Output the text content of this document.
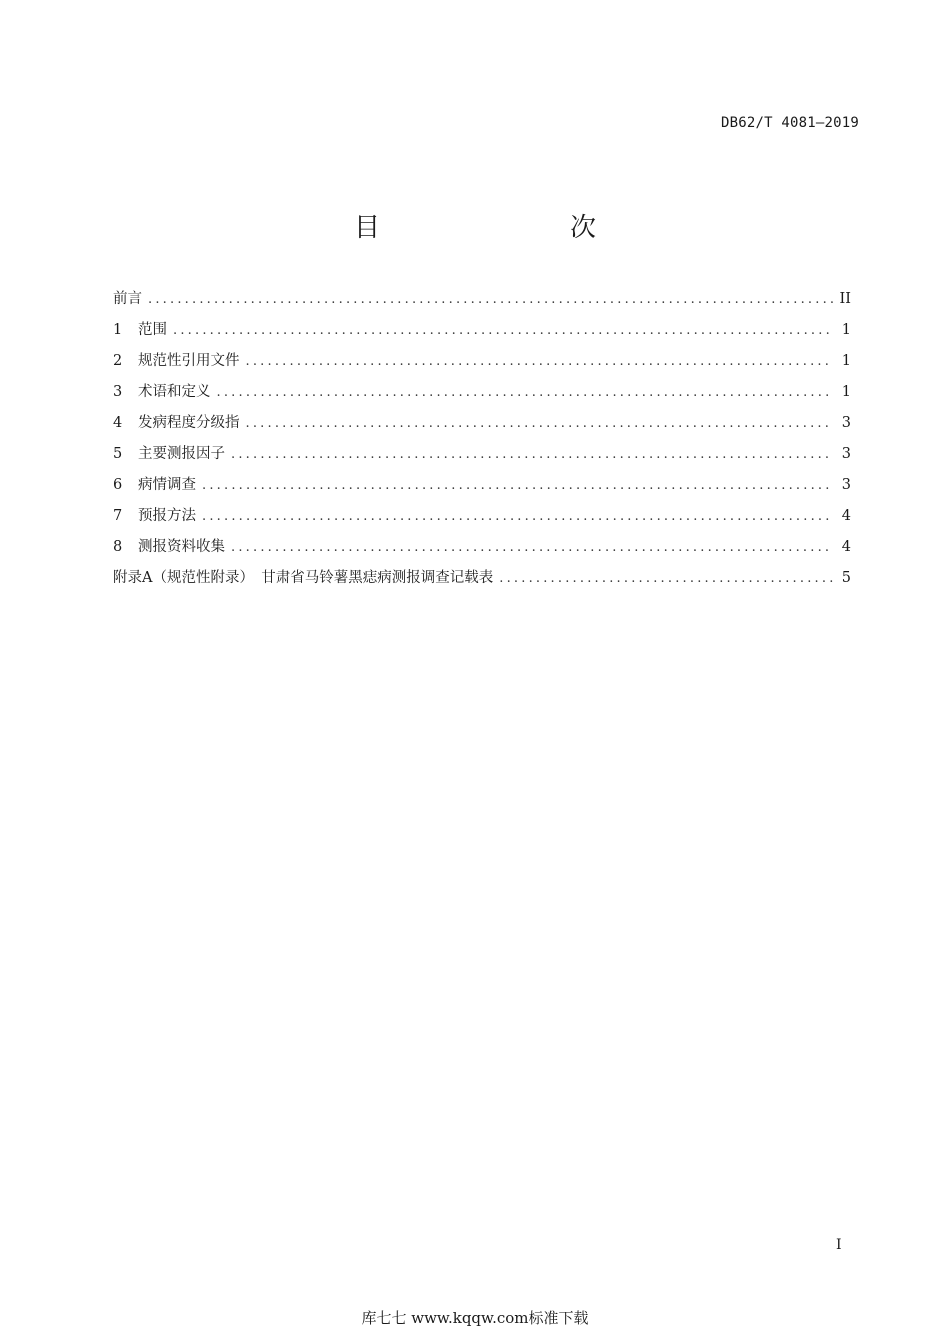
DB62/T 4081—2019
目　　次
前言 .....	II
1	范围 .....	1
2	规范性引用文件 .....	1
3	术语和定义 .....	1
4	发病程度分级指 .....	3
5	主要测报因子 .....	3
6	病情调查 .....	3
7	预报方法 .....	4
8	测报资料收集 .....	4
附录A（规范性附录）　甘肃省马铃薯黑痣病测报调查记载表 .....	5
I
库七七 www.kqqw.com标准下载
